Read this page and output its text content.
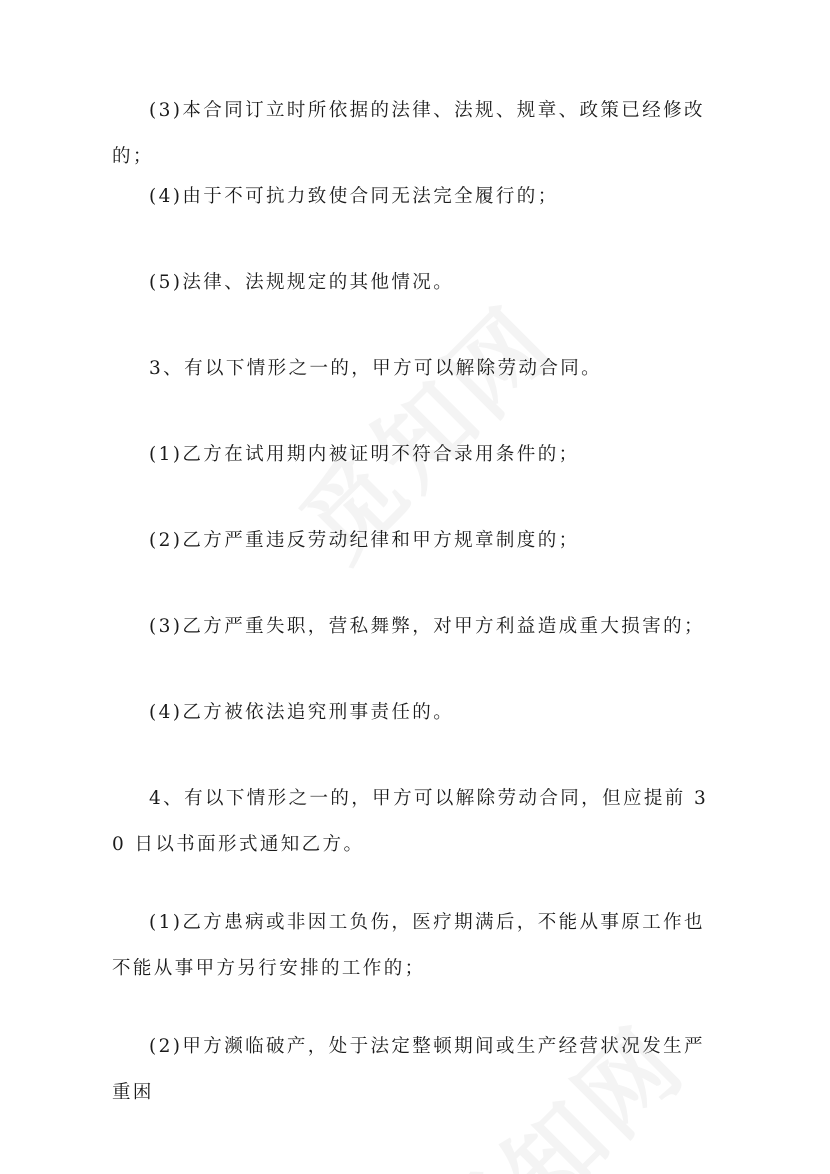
(3)本合同订立时所依据的法律、法规、规章、政策已经修改的；

(4)由于不可抗力致使合同无法完全履行的；

(5)法律、法规规定的其他情况。

3、有以下情形之一的，甲方可以解除劳动合同。

(1)乙方在试用期内被证明不符合录用条件的；

(2)乙方严重违反劳动纪律和甲方规章制度的；

(3)乙方严重失职，营私舞弊，对甲方利益造成重大损害的；

(4)乙方被依法追究刑事责任的。

4、有以下情形之一的，甲方可以解除劳动合同，但应提前 30 日以书面形式通知乙方。

(1)乙方患病或非因工负伤，医疗期满后，不能从事原工作也不能从事甲方另行安排的工作的；

(2)甲方濒临破产，处于法定整顿期间或生产经营状况发生严重困
